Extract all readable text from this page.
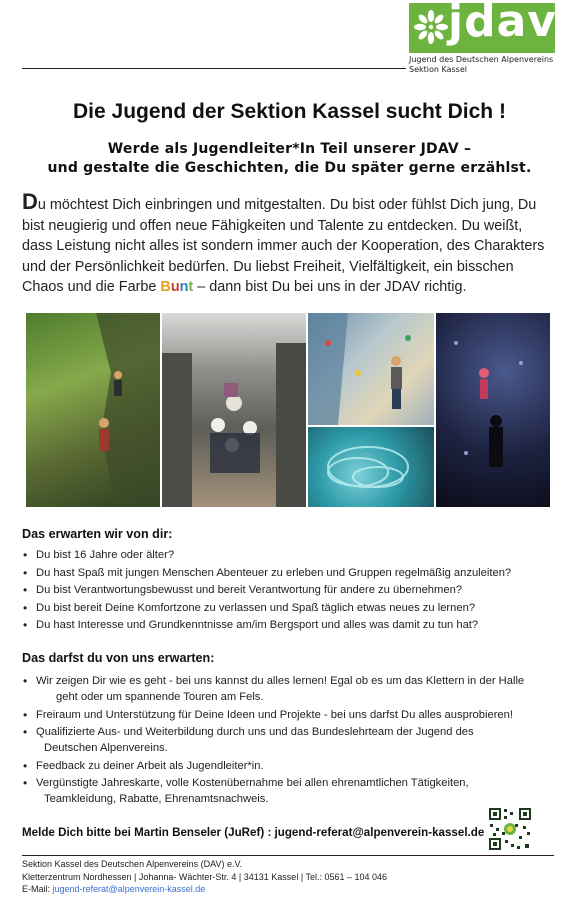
jdav
Jugend des Deutschen Alpenvereins
Sektion Kassel
Die Jugend der Sektion Kassel sucht Dich !
Werde als Jugendleiter*In Teil unserer JDAV –
und gestalte die Geschichten, die Du später gerne erzählst.
Du möchtest Dich einbringen und mitgestalten. Du bist oder fühlst Dich jung, Du bist neugierig und offen neue Fähigkeiten und Talente zu entdecken. Du weißt, dass Leistung nicht alles ist sondern immer auch der Kooperation, des Charakters und der Persönlichkeit bedürfen. Du liebst Freiheit, Vielfältigkeit, ein bisschen Chaos und die Farbe Bunt – dann bist Du bei uns in der JDAV richtig.
Das erwarten wir von dir:
• Du bist 16 Jahre oder älter?
• Du hast Spaß mit jungen Menschen Abenteuer zu erleben und Gruppen regelmäßig anzuleiten?
• Du bist Verantwortungsbewusst und bereit Verantwortung für andere zu übernehmen?
• Du bist bereit Deine Komfortzone zu verlassen und Spaß täglich etwas neues zu lernen?
• Du hast Interesse und Grundkenntnisse am/im Bergsport und alles was damit zu tun hat?
Das darfst du von uns erwarten:
• Wir zeigen Dir wie es geht - bei uns kannst du alles lernen! Egal ob es um das Klettern in der Halle
geht oder um spannende Touren am Fels.
• Freiraum und Unterstützung für Deine Ideen und Projekte - bei uns darfst Du alles ausprobieren!
• Qualifizierte Aus- und Weiterbildung durch uns und das Bundeslehrteam der Jugend des
Deutschen Alpenvereins.
• Feedback zu deiner Arbeit als Jugendleiter*in.
• Vergünstigte Jahreskarte, volle Kostenübernahme bei allen ehrenamtlichen Tätigkeiten,
Teamkleidung, Rabatte, Ehrenamtsnachweis.
Melde Dich bitte bei Martin Benseler (JuRef) : jugend-referat@alpenverein-kassel.de
Sektion Kassel des Deutschen Alpenvereins (DAV) e.V.
Kletterzentrum Nordhessen | Johanna- Wächter-Str. 4 | 34131 Kassel | Tel.: 0561 – 104 046
E-Mail: jugend-referat@alpenverein-kassel.de
